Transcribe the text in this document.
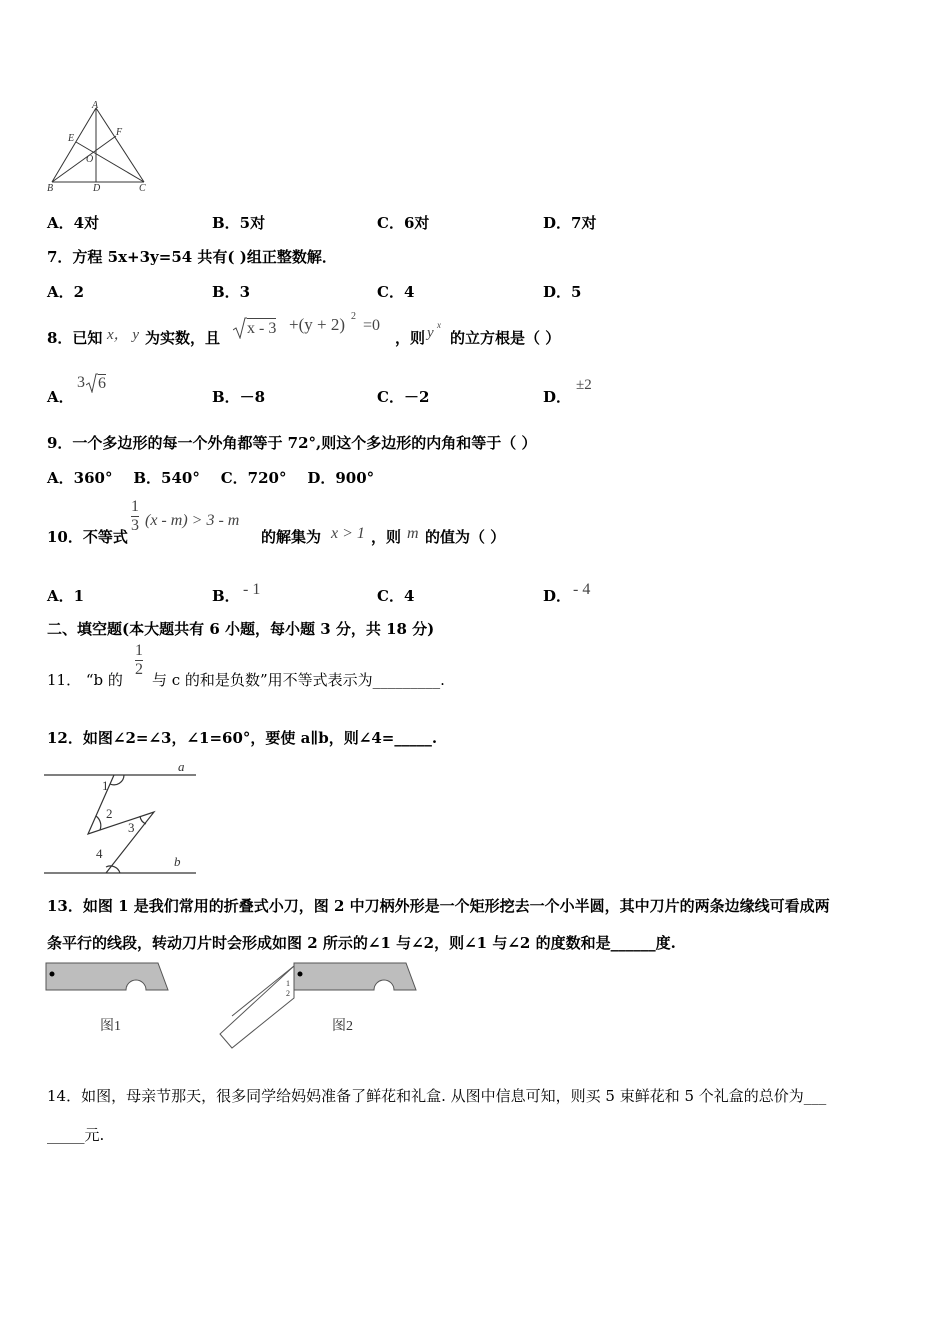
A
E
F
O
B	D	C
A．4对	B．5对	C．6对	D．7对
7．方程 5x+3y=54 共有( )组正整数解．
A．2	B．3	C．4	D．5
8．已知 x， y 为实数，且
x - 3 +(y + 2) 2
=0
，则 y x
的立方根是（ ）
A．
3 6
B．－8	C．－2	D．
±2
9．一个多边形的每一个外角都等于 72°,则这个多边形的内角和等于（ ）
A．360°    B．540°    C．720°    D．900°
10．不等式
$\frac{1}{3} (x - m) > 3 - m$
的解集为 x > 1 ，则 m 的值为（ ）
A．1	B． - 1	C．4	D． - 4
二、填空题(本大题共有 6 小题，每小题 3 分，共 18 分)
11． “b 的
$\frac{1}{2}$
与 c 的和是负数”用不等式表示为_________.
12．如图∠2=∠3，∠1=60°，要使 a∥b，则∠4=_____.
a
b
1
2
3
4
13．如图 1 是我们常用的折叠式小刀，图 2 中刀柄外形是一个矩形挖去一个小半圆，其中刀片的两条边缘线可看成两
条平行的线段，转动刀片时会形成如图 2 所示的∠1 与∠2，则∠1 与∠2 的度数和是______度.
图1
1
2
图2
14．如图，母亲节那天，很多同学给妈妈准备了鲜花和礼盒. 从图中信息可知，则买 5 束鲜花和 5 个礼盒的总价为___
_____元.
